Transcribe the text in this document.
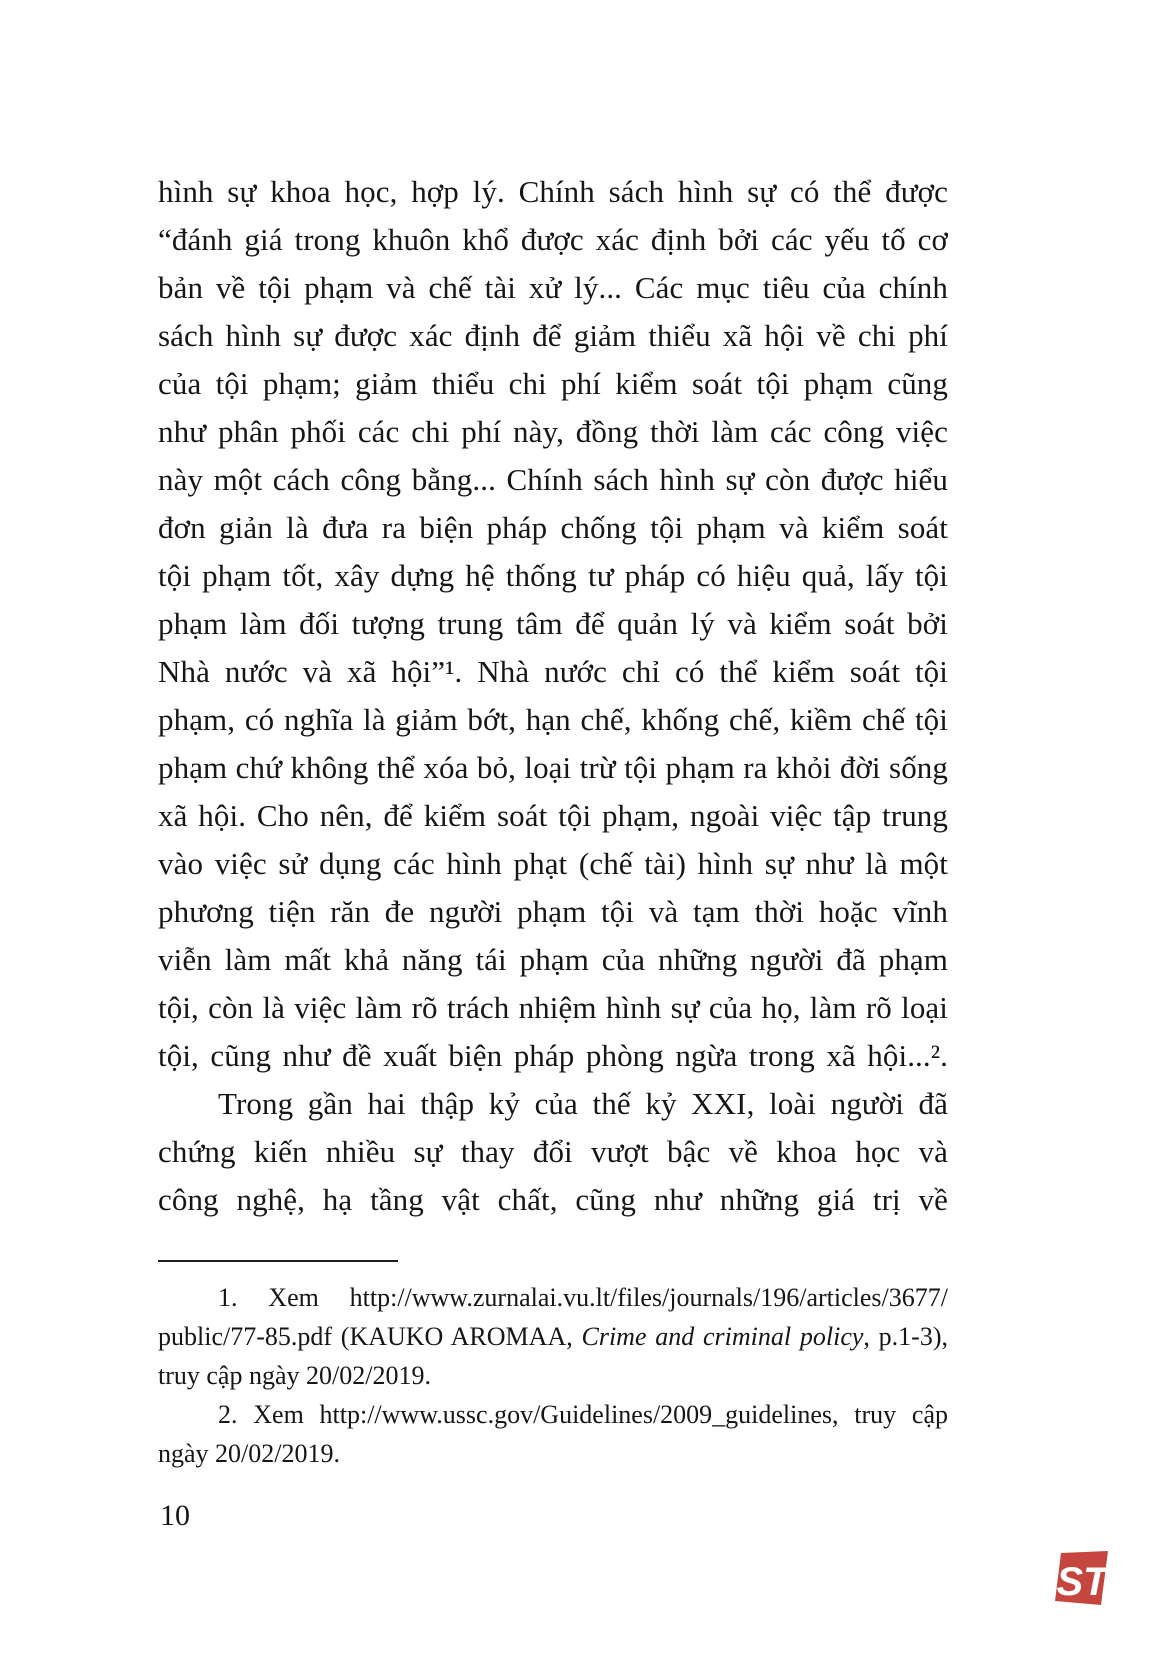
hình sự khoa học, hợp lý. Chính sách hình sự có thể được
“đánh giá trong khuôn khổ được xác định bởi các yếu tố cơ
bản về tội phạm và chế tài xử lý... Các mục tiêu của chính
sách hình sự được xác định để giảm thiểu xã hội về chi phí
của tội phạm; giảm thiểu chi phí kiểm soát tội phạm cũng
như phân phối các chi phí này, đồng thời làm các công việc
này một cách công bằng... Chính sách hình sự còn được hiểu
đơn giản là đưa ra biện pháp chống tội phạm và kiểm soát
tội phạm tốt, xây dựng hệ thống tư pháp có hiệu quả, lấy tội
phạm làm đối tượng trung tâm để quản lý và kiểm soát bởi
Nhà nước và xã hội”¹. Nhà nước chỉ có thể kiểm soát tội
phạm, có nghĩa là giảm bớt, hạn chế, khống chế, kiềm chế tội
phạm chứ không thể xóa bỏ, loại trừ tội phạm ra khỏi đời sống
xã hội. Cho nên, để kiểm soát tội phạm, ngoài việc tập trung
vào việc sử dụng các hình phạt (chế tài) hình sự như là một
phương tiện răn đe người phạm tội và tạm thời hoặc vĩnh
viễn làm mất khả năng tái phạm của những người đã phạm
tội, còn là việc làm rõ trách nhiệm hình sự của họ, làm rõ loại
tội, cũng như đề xuất biện pháp phòng ngừa trong xã hội...².
Trong gần hai thập kỷ của thế kỷ XXI, loài người đã
chứng kiến nhiều sự thay đổi vượt bậc về khoa học và
công nghệ, hạ tầng vật chất, cũng như những giá trị về
1. Xem http://www.zurnalai.vu.lt/files/journals/196/articles/3677/
public/77-85.pdf (KAUKO AROMAA, Crime and criminal policy, p.1-3),
truy cập ngày 20/02/2019.
2. Xem http://www.ussc.gov/Guidelines/2009_guidelines, truy cập
ngày 20/02/2019.
10
ST
